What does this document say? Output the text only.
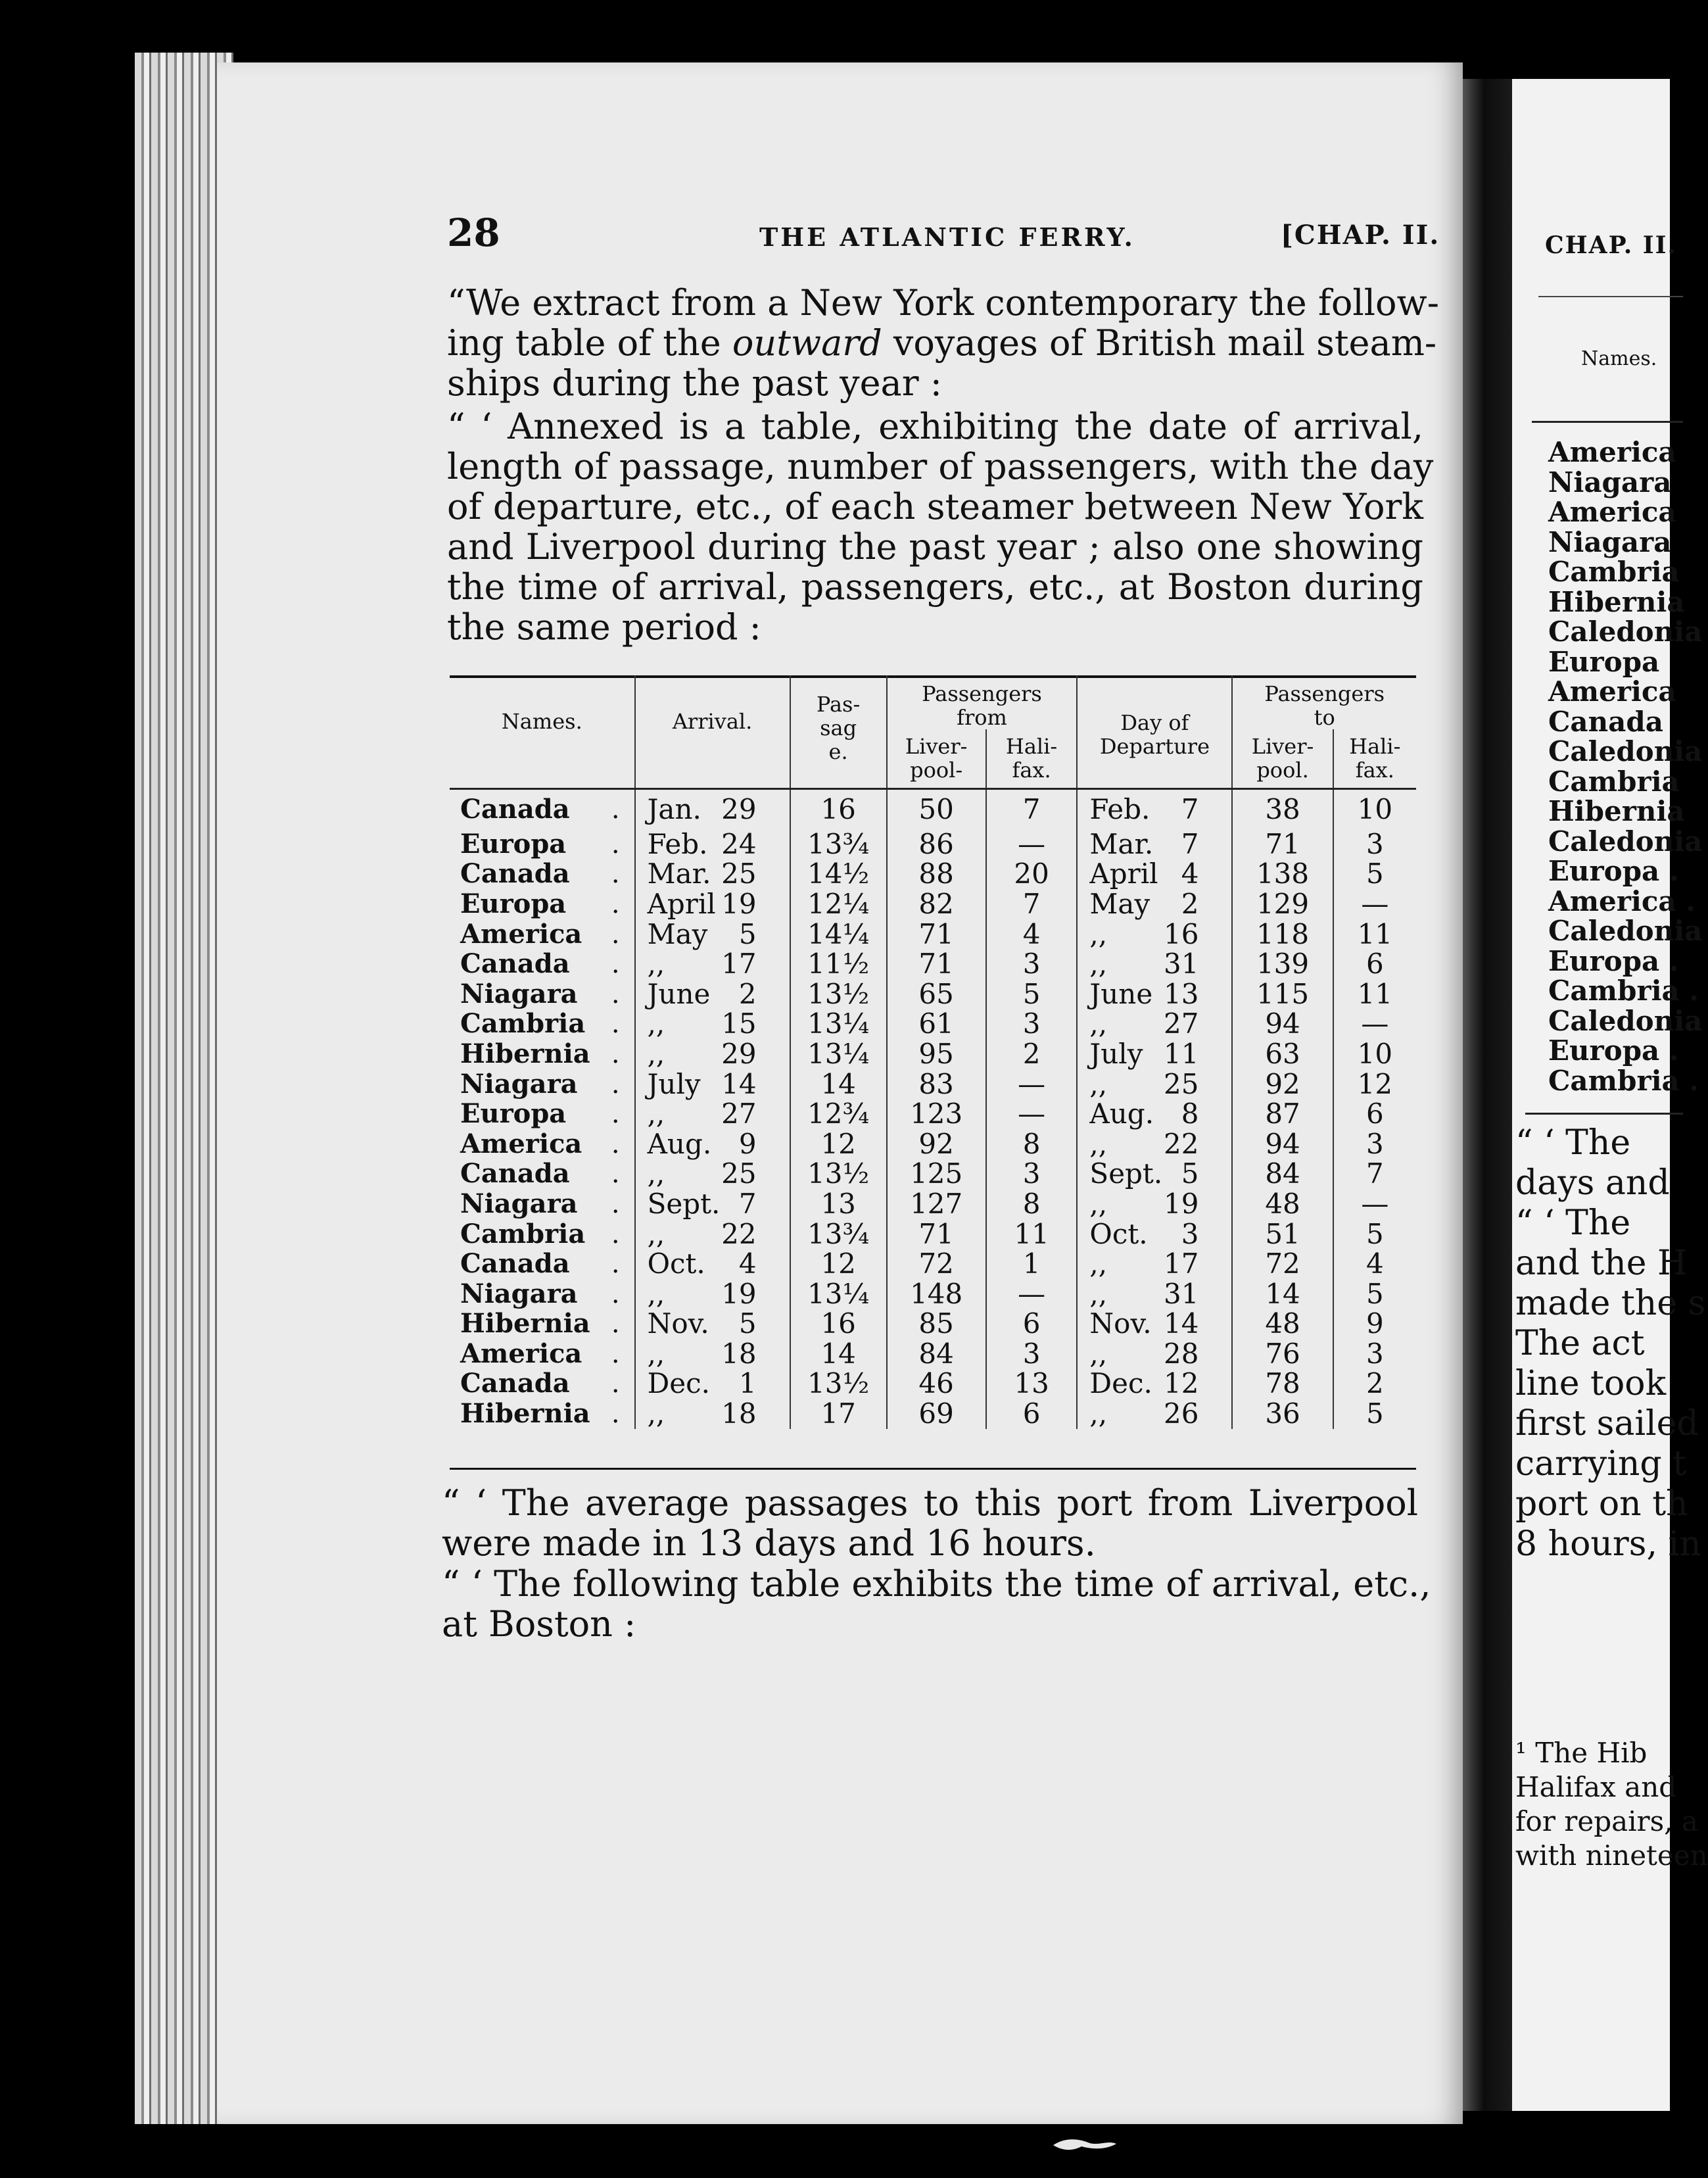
28	THE ATLANTIC FERRY.	[CHAP. II.
“We extract from a New York contemporary the follow-
ing table of the outward voyages of British mail steam-
ships during the past year :
“ ‘ Annexed is a table, exhibiting the date of arrival,
length of passage, number of passengers, with the day
of departure, etc., of each steamer between New York
and Liverpool during the past year ; also one showing
the time of arrival, passengers, etc., at Boston during
the same period :
Names.	Arrival.	Pas-sage.	Passengers from		Day of Departure	Passengers to	
			Liver-pool-	Hali-fax.		Liver-pool.	Hali-fax.

.
Canada	Jan. 29	16	50	7	Feb. 7	38	10

.
Europa	Feb. 24	13¾	86	—	Mar. 7	71	3

.
Canada	Mar. 25	14½	88	20	April 4	138	5

.
Europa	April 19	12¼	82	7	May 2	129	—

.
America	May 5	14¼	71	4	,, 16	118	11

.
Canada	,, 17	11½	71	3	,, 31	139	6

.
Niagara	June 2	13½	65	5	June 13	115	11

.
Cambria	,, 15	13¼	61	3	,, 27	94	—

.
Hibernia	,, 29	13¼	95	2	July 11	63	10

.
Niagara	July 14	14	83	—	,, 25	92	12

.
Europa	,, 27	12¾	123	—	Aug. 8	87	6

.
America	Aug. 9	12	92	8	,, 22	94	3

.
Canada	,, 25	13½	125	3	Sept. 5	84	7

.
Niagara	Sept. 7	13	127	8	,, 19	48	—

.
Cambria	,, 22	13¾	71	11	Oct. 3	51	5

.
Canada	Oct. 4	12	72	1	,, 17	72	4

.
Niagara	,, 19	13¼	148	—	,, 31	14	5

.
Hibernia	Nov. 5	16	85	6	Nov. 14	48	9

.
America	,, 18	14	84	3	,, 28	76	3

.
Canada	Dec. 1	13½	46	13	Dec. 12	78	2

.
Hibernia	,, 18	17	69	6	,, 26	36	5
“ ‘ The average passages to this port from Liverpool
were made in 13 days and 16 hours.
“ ‘ The following table exhibits the time of arrival, etc.,
at Boston :
CHAP. II.
Names.
America
Niagara
America
Niagara
Cambria
Hibernia
Caledonia
Europa
America
Canada
Caledonia
Cambria
Hibernia
Caledonia
Europa .
America .
Caledonia
Europa .
Cambria .
Caledonia
Europa .
Cambria .
“ ‘ The
days and
“ ‘ The
and the H
made the s
The act
line took
first sailed
carrying t
port on th
8 hours, in
¹ The Hib
Halifax and
for repairs, a
with nineteen
